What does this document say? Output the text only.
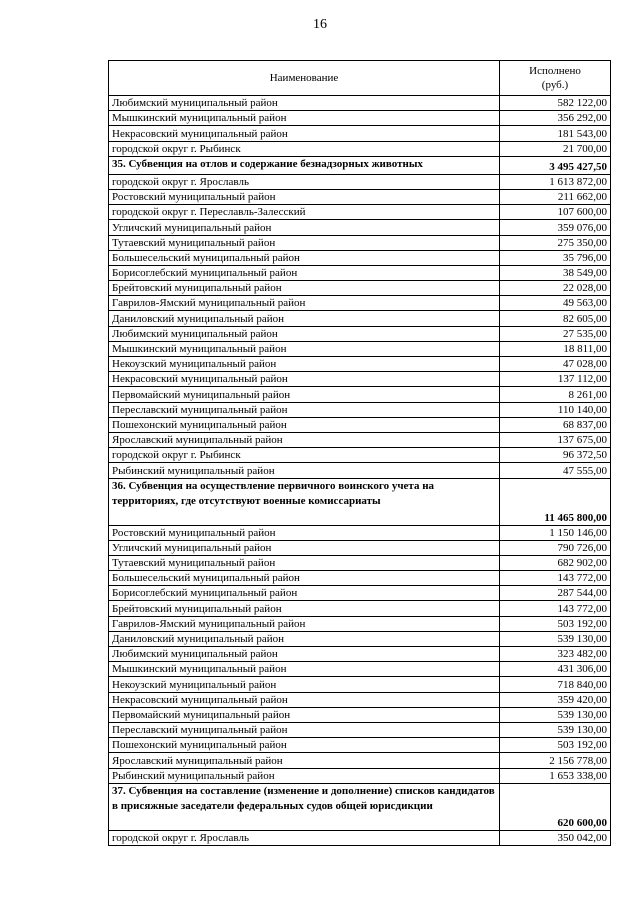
16
Наименование	Исполнено
(руб.)

Любимский муниципальный район	582 122,00
Мышкинский муниципальный район	356 292,00
Некрасовский муниципальный район	181 543,00
городской округ г. Рыбинск	21 700,00
35. Субвенция на отлов и содержание безнадзорных животных	3 495 427,50
городской округ г. Ярославль	1 613 872,00
Ростовский муниципальный район	211 662,00
городской округ г. Переславль-Залесский	107 600,00
Угличский муниципальный район	359 076,00
Тутаевский муниципальный район	275 350,00
Большесельский муниципальный район	35 796,00
Борисоглебский муниципальный район	38 549,00
Брейтовский муниципальный район	22 028,00
Гаврилов-Ямский муниципальный район	49 563,00
Даниловский муниципальный район	82 605,00
Любимский муниципальный район	27 535,00
Мышкинский муниципальный район	18 811,00
Некоузский муниципальный район	47 028,00
Некрасовский муниципальный район	137 112,00
Первомайский муниципальный район	8 261,00
Переславский муниципальный район	110 140,00
Пошехонский муниципальный район	68 837,00
Ярославский муниципальный район	137 675,00
городской округ г. Рыбинск	96 372,50
Рыбинский муниципальный район	47 555,00
36. Субвенция на осуществление первичного воинского учета на территориях, где отсутствуют военные комиссариаты	11 465 800,00
Ростовский муниципальный район	1 150 146,00
Угличский муниципальный район	790 726,00
Тутаевский муниципальный район	682 902,00
Большесельский муниципальный район	143 772,00
Борисоглебский муниципальный район	287 544,00
Брейтовский муниципальный район	143 772,00
Гаврилов-Ямский муниципальный район	503 192,00
Даниловский муниципальный район	539 130,00
Любимский муниципальный район	323 482,00
Мышкинский муниципальный район	431 306,00
Некоузский муниципальный район	718 840,00
Некрасовский муниципальный район	359 420,00
Первомайский муниципальный район	539 130,00
Переславский муниципальный район	539 130,00
Пошехонский муниципальный район	503 192,00
Ярославский муниципальный район	2 156 778,00
Рыбинский муниципальный район	1 653 338,00
37. Субвенция на составление (изменение и дополнение) списков кандидатов в присяжные заседатели федеральных судов общей юрисдикции	620 600,00
городской округ г. Ярославль	350 042,00
